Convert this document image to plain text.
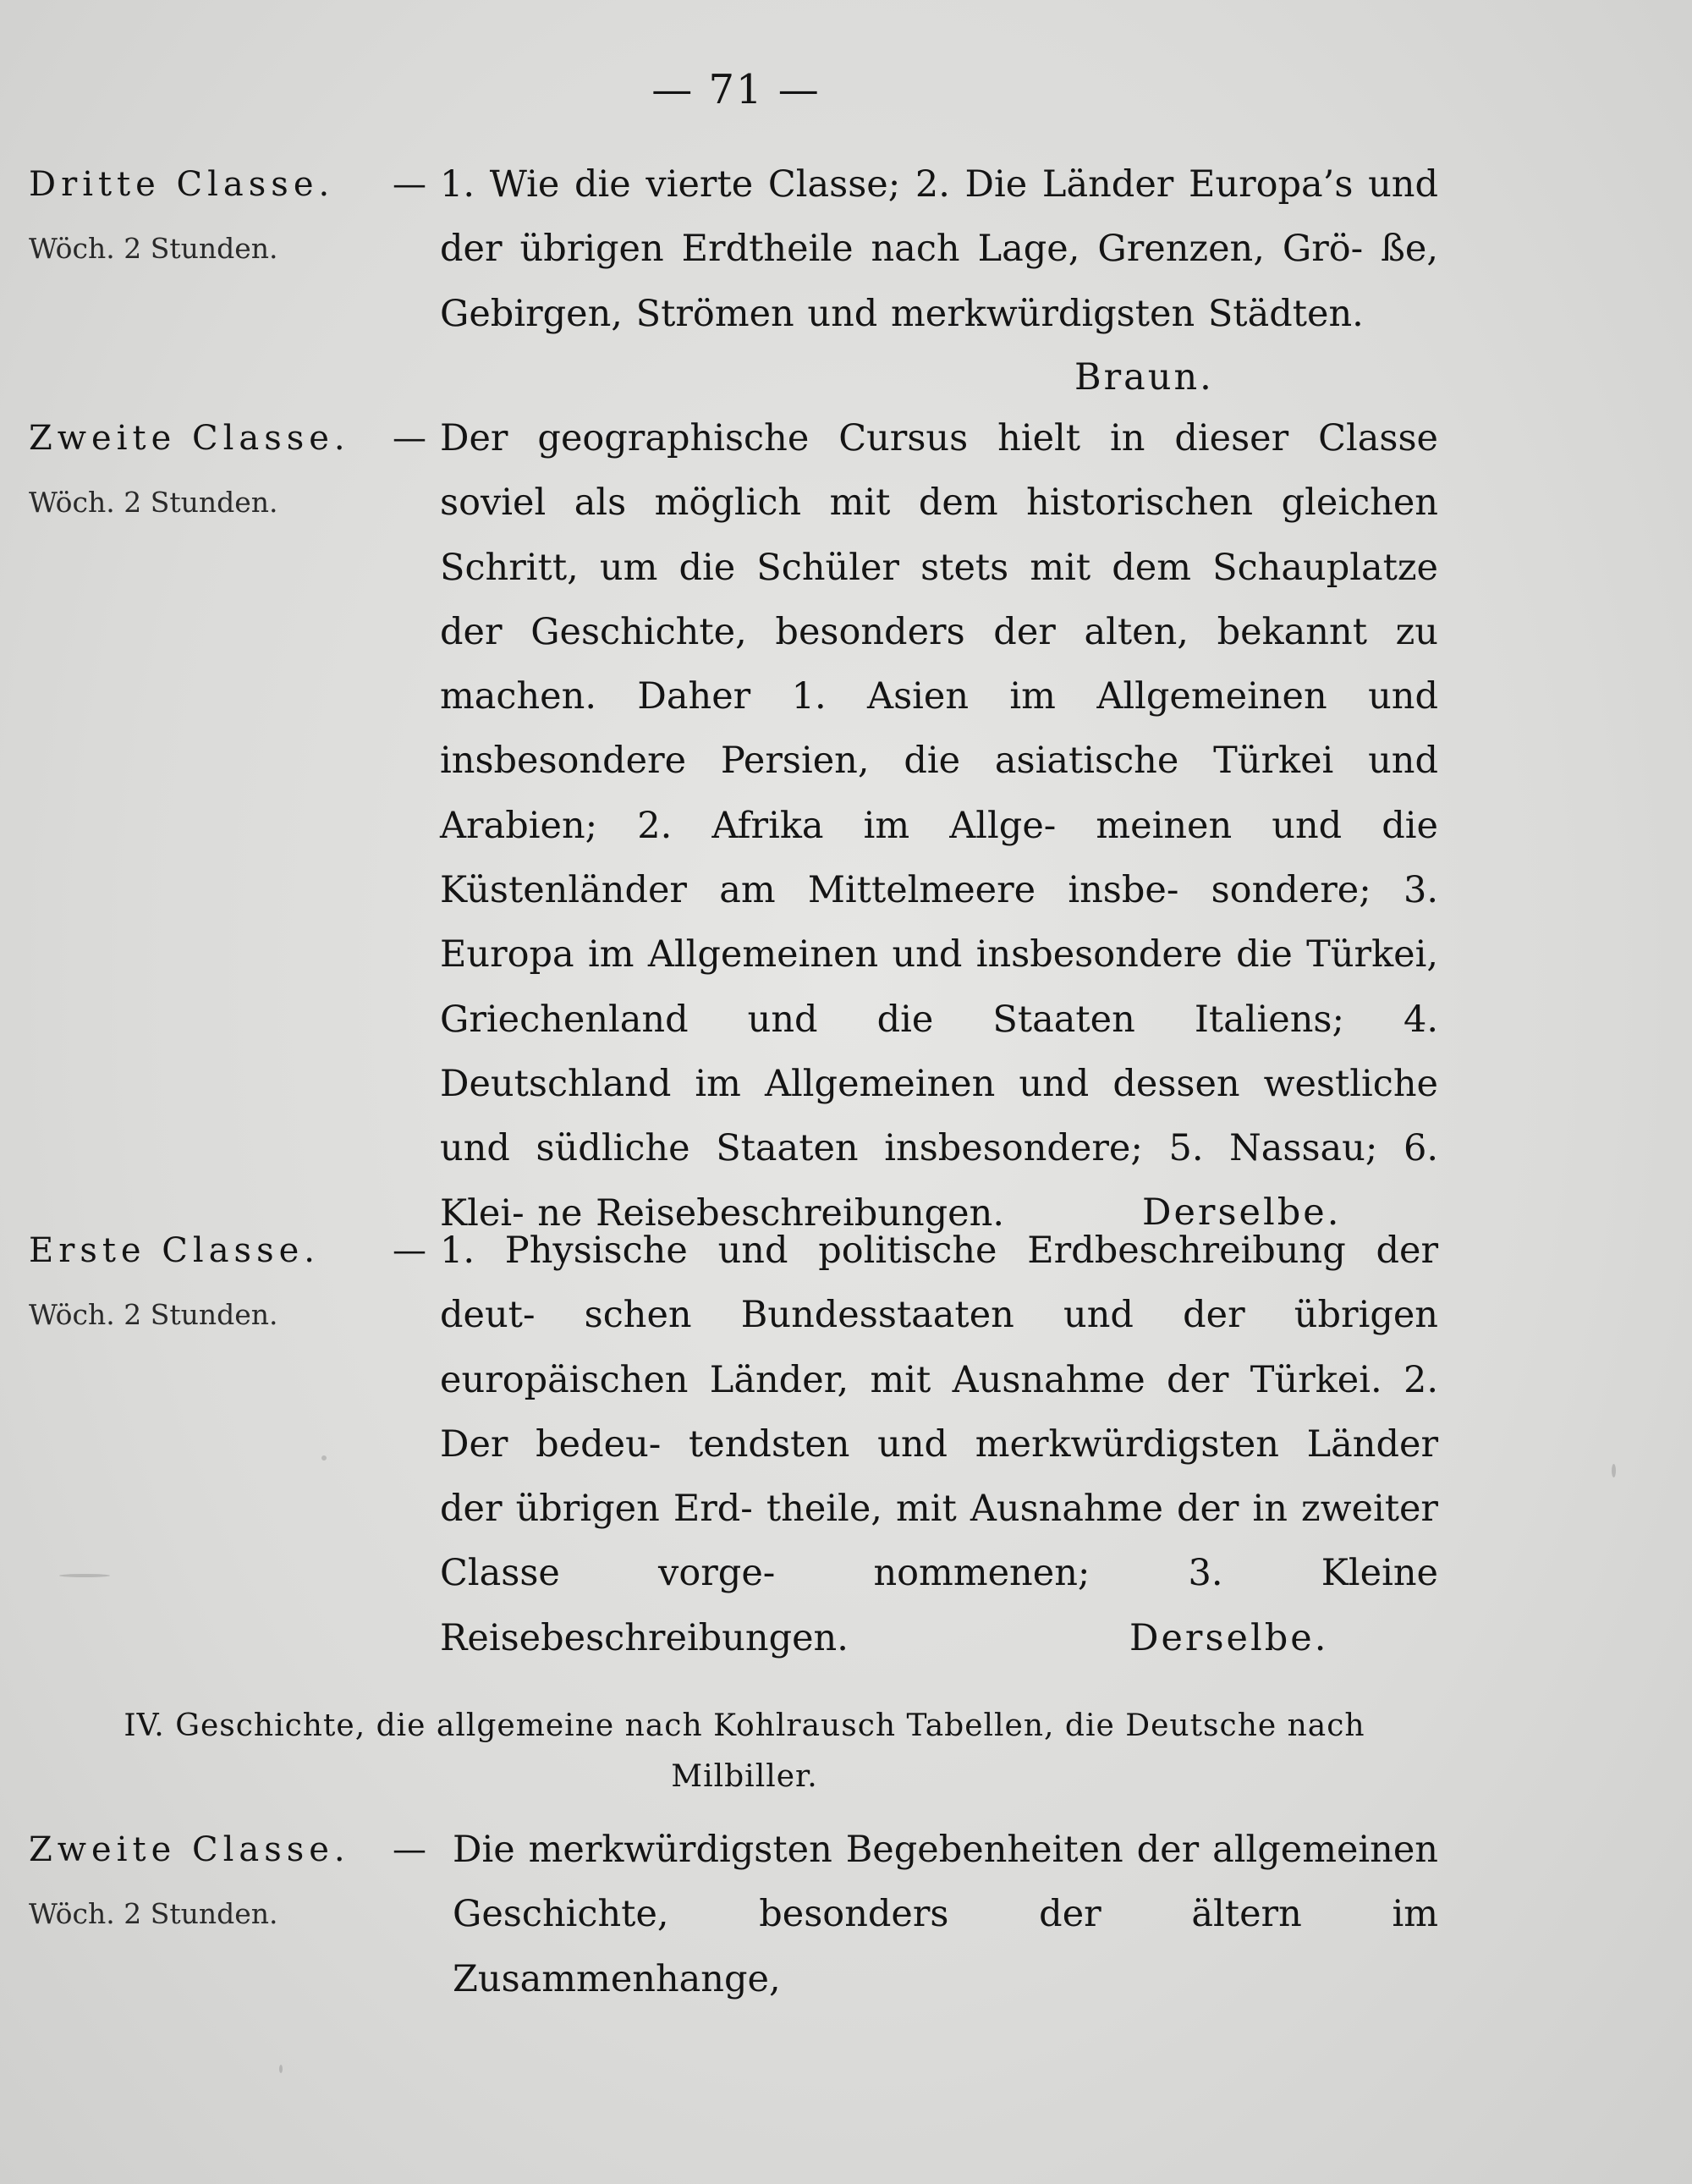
— 71 —
Dritte Classe. —
Wöch. 2 Stunden.
1. Wie die vierte Classe; 2. Die Länder Europa’s und der übrigen Erdtheile nach Lage, Grenzen, Grö- ße, Gebirgen, Strömen und merkwürdigsten Städten.
Braun.
Zweite Classe. —
Wöch. 2 Stunden.
Der geographische Cursus hielt in dieser Classe soviel als möglich mit dem historischen gleichen Schritt, um die Schüler stets mit dem Schauplatze der Geschichte, besonders der alten, bekannt zu machen. Daher 1. Asien im Allgemeinen und insbesondere Persien, die asiatische Türkei und Arabien; 2. Afrika im Allge- meinen und die Küstenländer am Mittelmeere insbe- sondere; 3. Europa im Allgemeinen und insbesondere die Türkei, Griechenland und die Staaten Italiens; 4. Deutschland im Allgemeinen und dessen westliche und südliche Staaten insbesondere; 5. Nassau; 6. Klei- ne Reisebeschreibungen.	Derselbe.
Erste Classe. —
Wöch. 2 Stunden.
1. Physische und politische Erdbeschreibung der deut- schen Bundesstaaten und der übrigen europäischen Länder, mit Ausnahme der Türkei. 2. Der bedeu- tendsten und merkwürdigsten Länder der übrigen Erd- theile, mit Ausnahme der in zweiter Classe vorge- nommenen; 3. Kleine Reisebeschreibungen.	Derselbe.
IV. Geschichte, die allgemeine nach Kohlrausch Tabellen, die Deutsche nach
Milbiller.
Zweite Classe. —
Wöch. 2 Stunden.
Die merkwürdigsten Begebenheiten der allgemeinen Geschichte, besonders der ältern im Zusammenhange,
